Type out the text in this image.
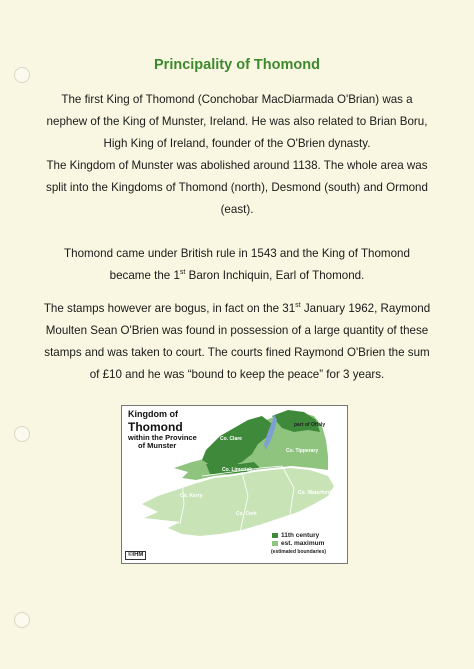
Principality of Thomond

The first King of Thomond (Conchobar MacDiarmada O'Brian) was a
nephew of the King of Munster, Ireland. He was also related to Brian Boru,
High King of Ireland, founder of the O'Brien dynasty.

The Kingdom of Munster was abolished around 1138. The whole area was
split into the Kingdoms of Thomond (north), Desmond (south) and Ormond
(east).

Thomond came under British rule in 1543 and the King of Thomond
became the 1st Baron Inchiquin, Earl of Thomond.

The stamps however are bogus, in fact on the 31st January 1962, Raymond
Moulten Sean O'Brien was found in possession of a large quantity of these
stamps and was taken to court. The courts fined Raymond O'Brien the sum
of £10 and he was “bound to keep the peace” for 3 years.

Kingdom of
Thomond
within the Province
of Munster
Co. Clare
Co. Tipperary
Co. Limerick
part of Offaly
Co. Kerry	Co. Waterford
Co. Cork
11th century
est. maximum
(estimated boundaries)
©IHM
